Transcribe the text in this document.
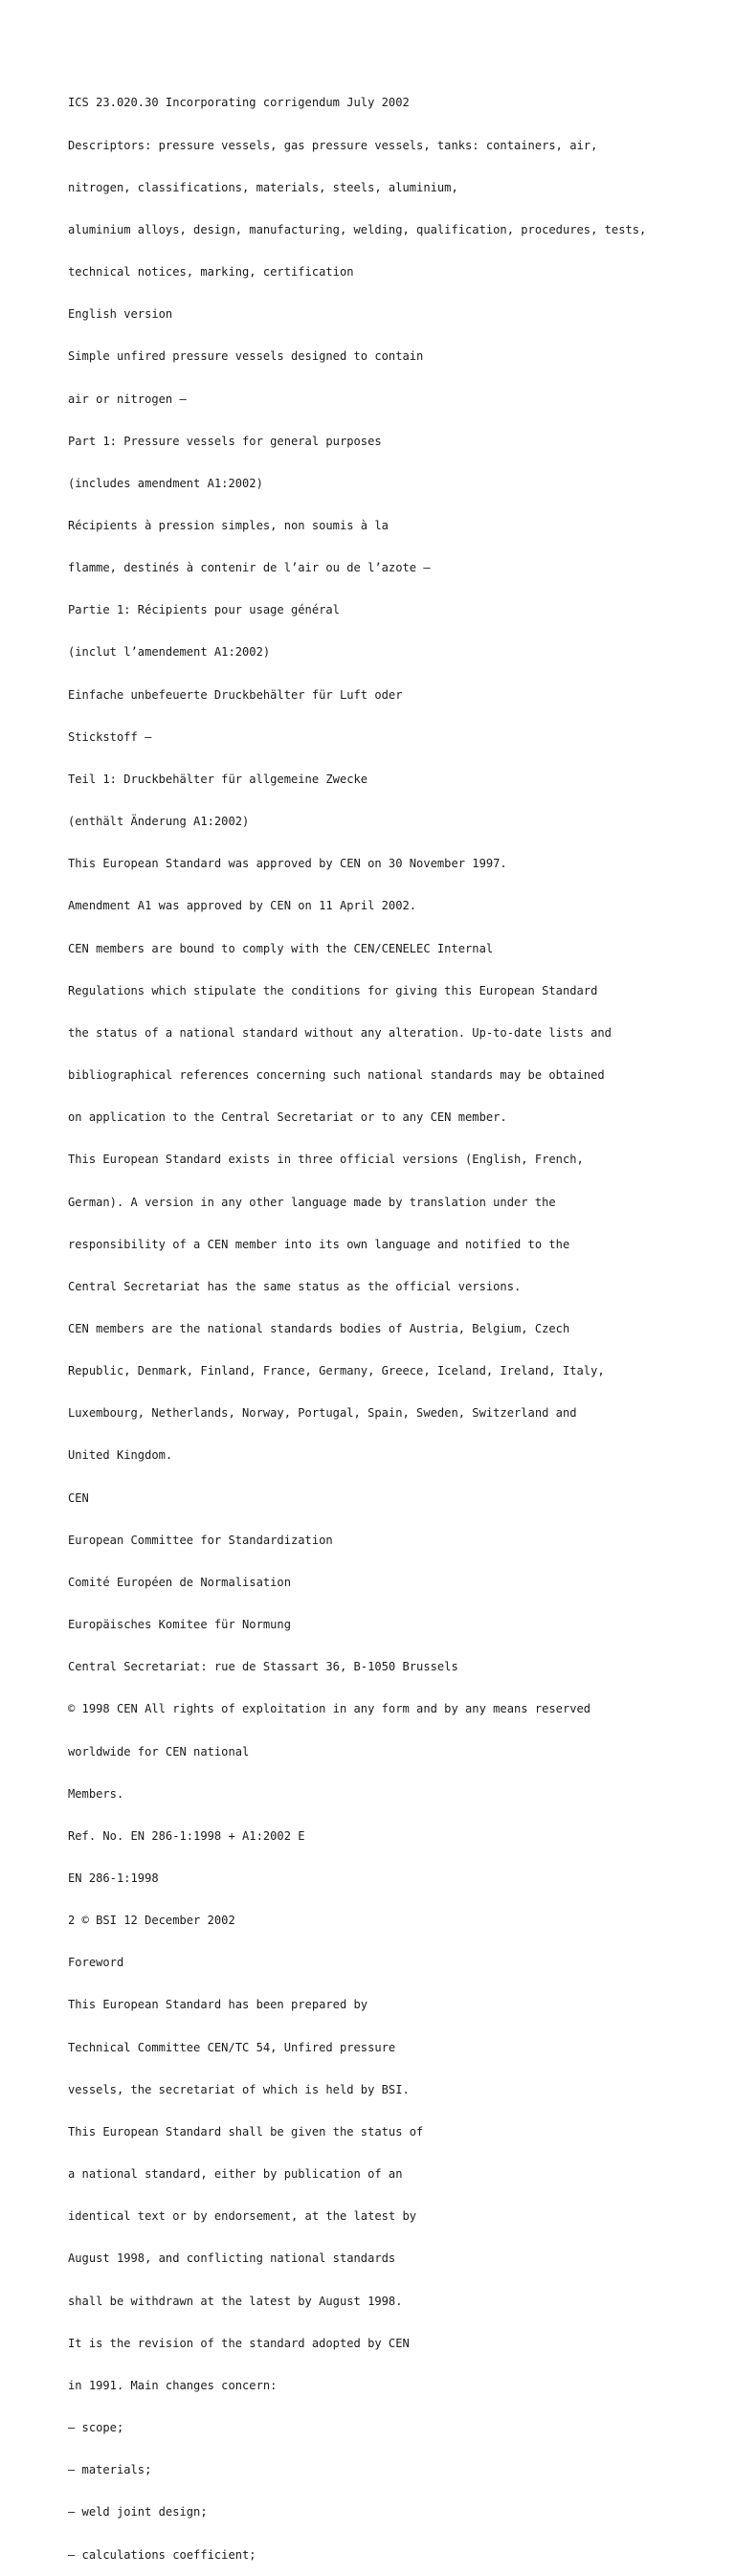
ICS 23.020.30 Incorporating corrigendum July 2002

Descriptors: pressure vessels, gas pressure vessels, tanks: containers, air,

nitrogen, classifications, materials, steels, aluminium,

aluminium alloys, design, manufacturing, welding, qualification, procedures, tests,

technical notices, marking, certification

English version

Simple unfired pressure vessels designed to contain

air or nitrogen —

Part 1: Pressure vessels for general purposes

(includes amendment A1:2002)

Récipients à pression simples, non soumis à la

flamme, destinés à contenir de l’air ou de l’azote —

Partie 1: Récipients pour usage général

(inclut l’amendement A1:2002)

Einfache unbefeuerte Druckbehälter für Luft oder

Stickstoff —

Teil 1: Druckbehälter für allgemeine Zwecke

(enthält Änderung A1:2002)

This European Standard was approved by CEN on 30 November 1997.

Amendment A1 was approved by CEN on 11 April 2002.

CEN members are bound to comply with the CEN/CENELEC Internal

Regulations which stipulate the conditions for giving this European Standard

the status of a national standard without any alteration. Up-to-date lists and

bibliographical references concerning such national standards may be obtained

on application to the Central Secretariat or to any CEN member.

This European Standard exists in three official versions (English, French,

German). A version in any other language made by translation under the

responsibility of a CEN member into its own language and notified to the

Central Secretariat has the same status as the official versions.

CEN members are the national standards bodies of Austria, Belgium, Czech

Republic, Denmark, Finland, France, Germany, Greece, Iceland, Ireland, Italy,

Luxembourg, Netherlands, Norway, Portugal, Spain, Sweden, Switzerland and

United Kingdom.

CEN

European Committee for Standardization

Comité Européen de Normalisation

Europäisches Komitee für Normung

Central Secretariat: rue de Stassart 36, B-1050 Brussels

© 1998 CEN All rights of exploitation in any form and by any means reserved

worldwide for CEN national

Members.

Ref. No. EN 286-1:1998 + A1:2002 E

EN 286-1:1998

2 © BSI 12 December 2002

Foreword

This European Standard has been prepared by

Technical Committee CEN/TC 54, Unfired pressure

vessels, the secretariat of which is held by BSI.

This European Standard shall be given the status of

a national standard, either by publication of an

identical text or by endorsement, at the latest by

August 1998, and conflicting national standards

shall be withdrawn at the latest by August 1998.

It is the revision of the standard adopted by CEN

in 1991. Main changes concern:

— scope;

— materials;

— weld joint design;

— calculations coefficient;
